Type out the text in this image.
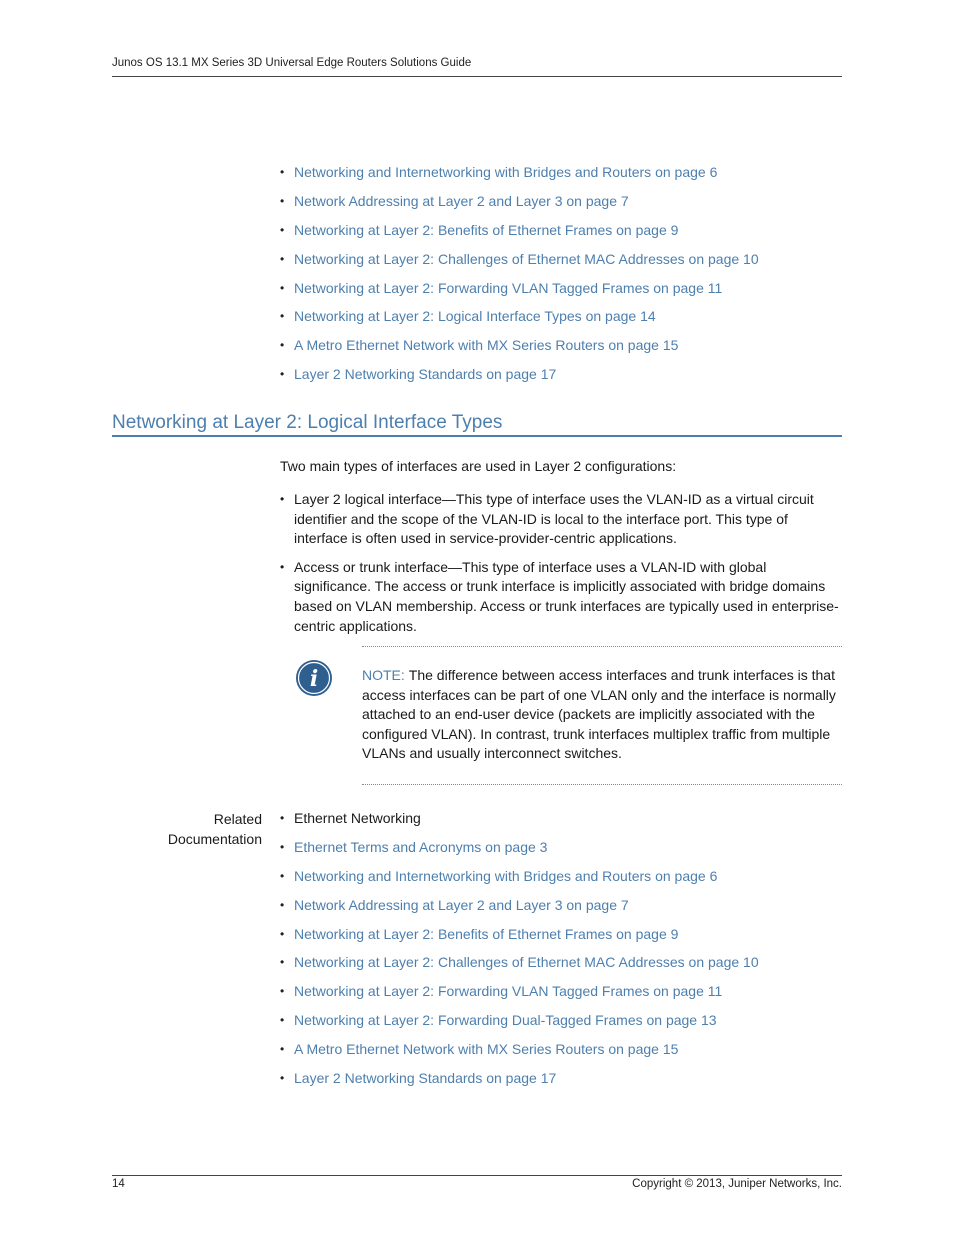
Junos OS 13.1 MX Series 3D Universal Edge Routers Solutions Guide
• Networking and Internetworking with Bridges and Routers on page 6
• Network Addressing at Layer 2 and Layer 3 on page 7
• Networking at Layer 2: Benefits of Ethernet Frames on page 9
• Networking at Layer 2: Challenges of Ethernet MAC Addresses on page 10
• Networking at Layer 2: Forwarding VLAN Tagged Frames on page 11
• Networking at Layer 2: Logical Interface Types on page 14
• A Metro Ethernet Network with MX Series Routers on page 15
• Layer 2 Networking Standards on page 17
Networking at Layer 2: Logical Interface Types
Two main types of interfaces are used in Layer 2 configurations:
• Layer 2 logical interface—This type of interface uses the VLAN-ID as a virtual circuit identifier and the scope of the VLAN-ID is local to the interface port. This type of interface is often used in service-provider-centric applications.
• Access or trunk interface—This type of interface uses a VLAN-ID with global significance. The access or trunk interface is implicitly associated with bridge domains based on VLAN membership. Access or trunk interfaces are typically used in enterprise-centric applications.
i	NOTE: The difference between access interfaces and trunk interfaces is that access interfaces can be part of one VLAN only and the interface is normally attached to an end-user device (packets are implicitly associated with the configured VLAN). In contrast, trunk interfaces multiplex traffic from multiple VLANs and usually interconnect switches.
Related
Documentation
• Ethernet Networking
• Ethernet Terms and Acronyms on page 3
• Networking and Internetworking with Bridges and Routers on page 6
• Network Addressing at Layer 2 and Layer 3 on page 7
• Networking at Layer 2: Benefits of Ethernet Frames on page 9
• Networking at Layer 2: Challenges of Ethernet MAC Addresses on page 10
• Networking at Layer 2: Forwarding VLAN Tagged Frames on page 11
• Networking at Layer 2: Forwarding Dual-Tagged Frames on page 13
• A Metro Ethernet Network with MX Series Routers on page 15
• Layer 2 Networking Standards on page 17
14	Copyright © 2013, Juniper Networks, Inc.
